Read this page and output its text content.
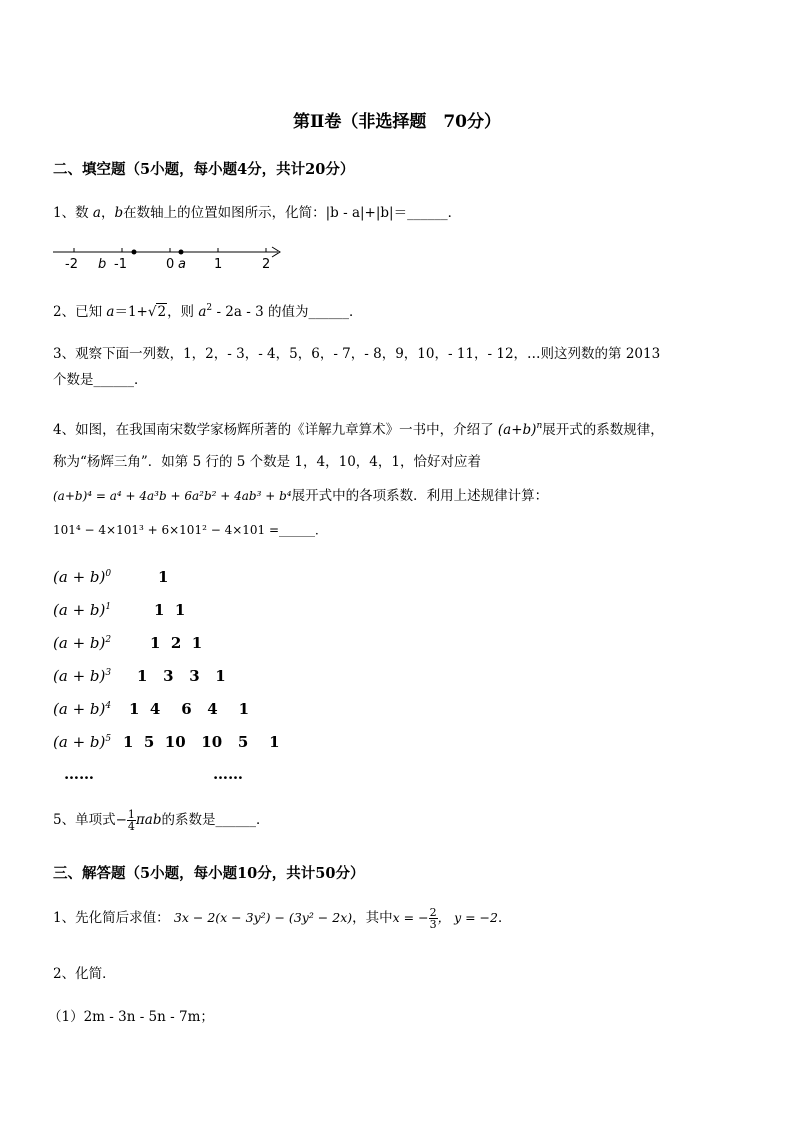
第Ⅱ卷（非选择题　70分）
二、填空题（5小题，每小题4分，共计20分）
1、数 a，b在数轴上的位置如图所示，化简：|b - a|+|b|＝______．
-2	-1	0	1	2
b	a
2、已知 a＝1+√2，则 $a^2 - 2a - 3$ 的值为______．
3、观察下面一列数，1，2，- 3，- 4，5，6，- 7，- 8，9，10，- 11，- 12，…则这列数的第 2013
个数是______．
4、如图，在我国南宋数学家杨辉所著的《详解九章算术》一书中，介绍了 $(a+b)^n$展开式的系数规律，
称为“杨辉三角”．如第 5 行的 5 个数是 1，4，10，4，1，恰好对应着
(a+b)⁴ = a⁴ + 4a³b + 6a²b² + 4ab³ + b⁴展开式中的各项系数．利用上述规律计算：
101⁴ − 4×101³ + 6×101² − 4×101 =______．
$(a + b)^0$	1
$(a + b)^1$	1  1
$(a + b)^2$	1  2  1
$(a + b)^3$ 1   3   3   1
$(a + b)^4$ 1  4    6   4    1
$(a + b)^5$ 1  5  10   10   5    1
……	……
5、单项式− $\frac{1}{4}$ πab的系数是______．
三、解答题（5小题，每小题10分，共计50分）
1、先化简后求值： 3x − 2(x − 3y²) − (3y² − 2x)，其中x = − $\frac{2}{3}$ ， y = −2．
2、化简．
（1）2m - 3n - 5n - 7m；
